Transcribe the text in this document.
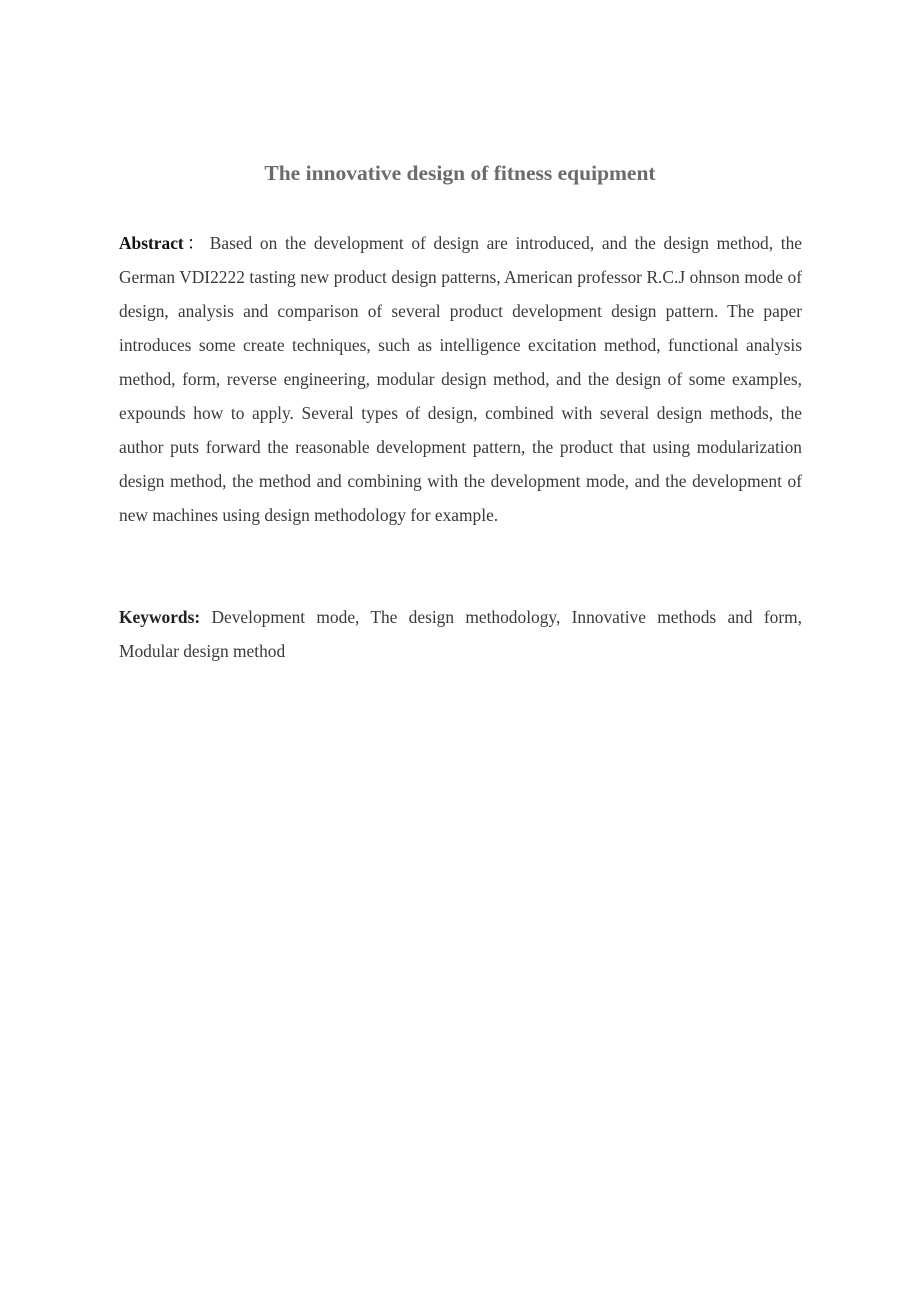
The innovative design of fitness equipment

Abstract： Based on the development of design are introduced, and the design method, the German VDI2222 tasting new product design patterns, American professor R.C.J ohnson mode of design, analysis and comparison of several product development design pattern. The paper introduces some create techniques, such as intelligence excitation method, functional analysis method, form, reverse engineering, modular design method, and the design of some examples, expounds how to apply. Several types of design, combined with several design methods, the author puts forward the reasonable development pattern, the product that using modularization design method, the method and combining with the development mode, and the development of new machines using design methodology for example.

Keywords: Development mode, The design methodology, Innovative methods and form, Modular design method
